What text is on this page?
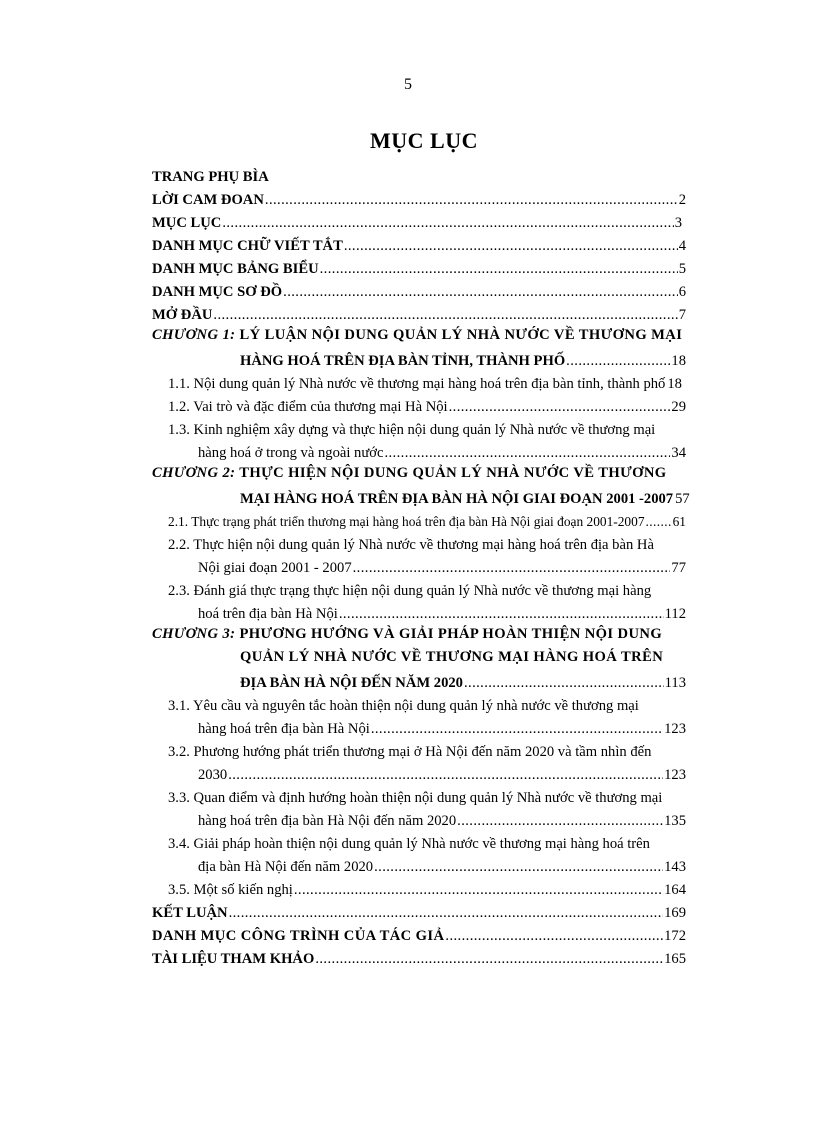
5
MỤC LỤC
TRANG PHỤ BÌA
LỜI CAM ĐOAN .....	2
MỤC LỤC .....	3
DANH MỤC CHỮ VIẾT TẮT .....	4
DANH MỤC BẢNG BIỂU .....	5
DANH MỤC SƠ ĐỒ .....	6
MỞ ĐẦU .....	7
CHƯƠNG 1: LÝ LUẬN NỘI DUNG QUẢN LÝ NHÀ NƯỚC VỀ THƯƠNG MẠI
HÀNG HOÁ TRÊN ĐỊA BÀN TỈNH, THÀNH PHỐ .....	18
1.1. Nội dung quản lý Nhà nước về thương mại hàng hoá trên địa bàn tỉnh, thành phố 18
1.2. Vai trò và đặc điểm của thương mại Hà Nội .....	29
1.3. Kinh nghiệm xây dựng và thực hiện nội dung quản lý Nhà nước về thương mại
hàng hoá ở trong và ngoài nước .....	34
CHƯƠNG 2: THỰC HIỆN NỘI DUNG QUẢN LÝ NHÀ NƯỚC VỀ THƯƠNG
MẠI HÀNG HOÁ TRÊN ĐỊA BÀN HÀ NỘI GIAI ĐOẠN 2001 -2007 57
2.1. Thực trạng phát triển thương mại hàng hoá trên địa bàn Hà Nội giai đoạn 2001-2007 ..... 61
2.2. Thực hiện nội dung quản lý Nhà nước về thương mại hàng hoá trên địa bàn Hà
Nội giai đoạn 2001 - 2007 .....	77
2.3. Đánh giá thực trạng thực hiện nội dung quản lý Nhà nước về thương mại hàng
hoá trên địa bàn Hà Nội .....	112
CHƯƠNG 3: PHƯƠNG HƯỚNG VÀ GIẢI PHÁP HOÀN THIỆN NỘI DUNG
QUẢN LÝ NHÀ NƯỚC VỀ THƯƠNG MẠI HÀNG HOÁ TRÊN
ĐỊA BÀN HÀ NỘI ĐẾN NĂM 2020 .....	113
3.1. Yêu cầu và nguyên tắc hoàn thiện nội dung quản lý nhà nước về thương mại
hàng hoá trên địa bàn Hà Nội .....	123
3.2. Phương hướng phát triển thương mại ở Hà Nội đến năm 2020 và tầm nhìn đến
2030 .....	123
3.3. Quan điểm và định hướng hoàn thiện nội dung quản lý Nhà nước về thương mại
hàng hoá trên địa bàn Hà Nội đến năm 2020 .....	135
3.4. Giải pháp hoàn thiện nội dung quản lý Nhà nước về thương mại hàng hoá trên
địa bàn Hà Nội đến năm 2020 .....	143
3.5. Một số kiến nghị .....	164
KẾT LUẬN .....	169
DANH MỤC CÔNG TRÌNH CỦA TÁC GIẢ .....	172
TÀI LIỆU THAM KHẢO .....	165
